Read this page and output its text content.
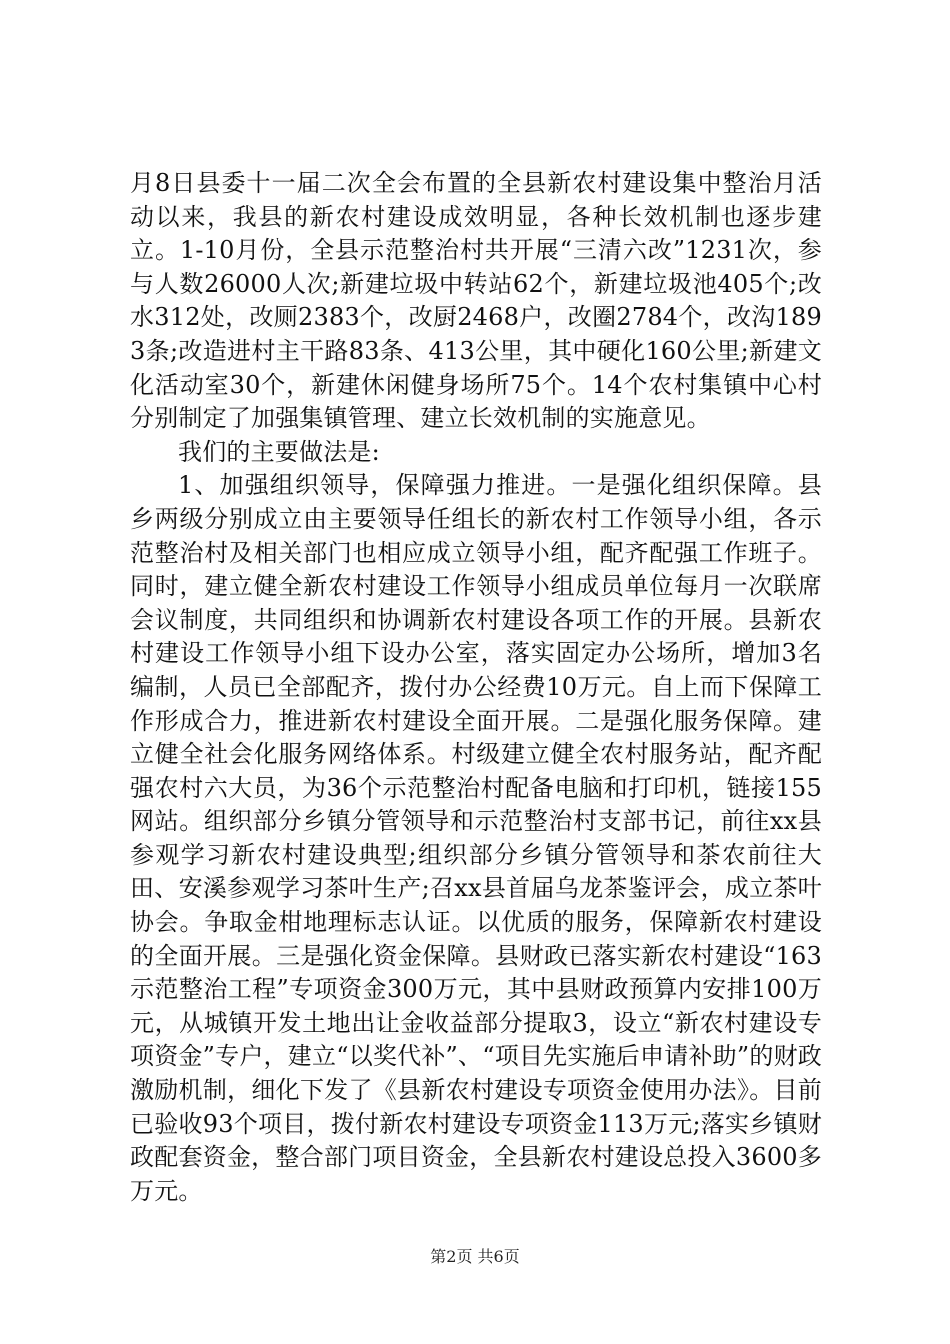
月8日县委十一届二次全会布置的全县新农村建设集中整治月活动以来，我县的新农村建设成效明显，各种长效机制也逐步建立。1-10月份，全县示范整治村共开展“三清六改”1231次，参与人数26000人次;新建垃圾中转站62个，新建垃圾池405个;改水312处，改厕2383个，改厨2468户，改圈2784个，改沟1893条;改造进村主干路83条、413公里，其中硬化160公里;新建文化活动室30个，新建休闲健身场所75个。14个农村集镇中心村分别制定了加强集镇管理、建立长效机制的实施意见。

我们的主要做法是:

1、加强组织领导，保障强力推进。一是强化组织保障。县乡两级分别成立由主要领导任组长的新农村工作领导小组，各示范整治村及相关部门也相应成立领导小组，配齐配强工作班子。同时，建立健全新农村建设工作领导小组成员单位每月一次联席会议制度，共同组织和协调新农村建设各项工作的开展。县新农村建设工作领导小组下设办公室，落实固定办公场所，增加3名编制，人员已全部配齐，拨付办公经费10万元。自上而下保障工作形成合力，推进新农村建设全面开展。二是强化服务保障。建立健全社会化服务网络体系。村级建立健全农村服务站，配齐配强农村六大员，为36个示范整治村配备电脑和打印机，链接155网站。组织部分乡镇分管领导和示范整治村支部书记，前往xx县参观学习新农村建设典型;组织部分乡镇分管领导和茶农前往大田、安溪参观学习茶叶生产;召xx县首届乌龙茶鉴评会，成立茶叶协会。争取金柑地理标志认证。以优质的服务，保障新农村建设的全面开展。三是强化资金保障。县财政已落实新农村建设“163示范整治工程”专项资金300万元，其中县财政预算内安排100万元，从城镇开发土地出让金收益部分提取3，设立“新农村建设专项资金”专户，建立“以奖代补”、“项目先实施后申请补助”的财政激励机制，细化下发了《县新农村建设专项资金使用办法》。目前已验收93个项目，拨付新农村建设专项资金113万元;落实乡镇财政配套资金，整合部门项目资金，全县新农村建设总投入3600多万元。

第2页 共6页
